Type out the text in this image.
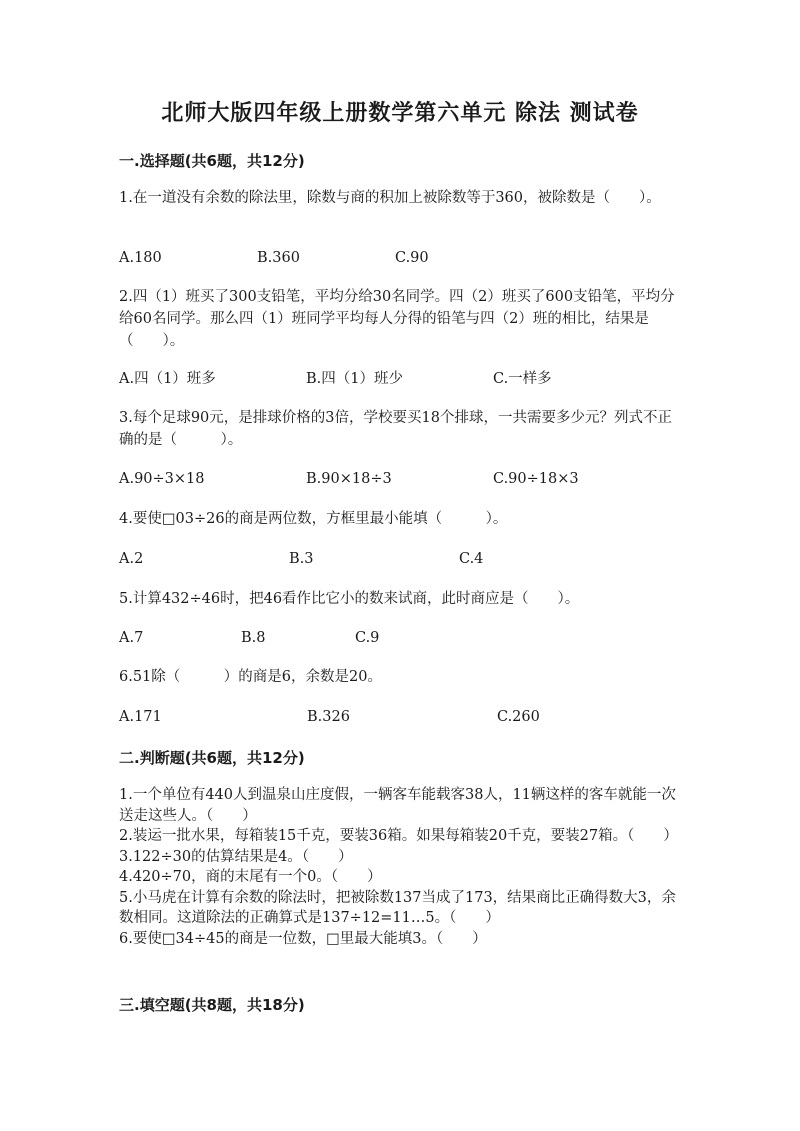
北师大版四年级上册数学第六单元 除法 测试卷
一.选择题(共6题，共12分)
1.在一道没有余数的除法里，除数与商的积加上被除数等于360，被除数是（　　）。
A.180	B.360	C.90
2.四（1）班买了300支铅笔，平均分给30名同学。四（2）班买了600支铅笔，平均分给60名同学。那么四（1）班同学平均每人分得的铅笔与四（2）班的相比，结果是（　　）。
A.四（1）班多	B.四（1）班少	C.一样多
3.每个足球90元，是排球价格的3倍，学校要买18个排球，一共需要多少元？列式不正确的是（　　　）。
A.90÷3×18	B.90×18÷3	C.90÷18×3
4.要使□03÷26的商是两位数，方框里最小能填（　　　）。
A.2	B.3	C.4
5.计算432÷46时，把46看作比它小的数来试商，此时商应是（　　）。
A.7	B.8	C.9
6.51除（　　　）的商是6，余数是20。
A.171	B.326	C.260
二.判断题(共6题，共12分)
1.一个单位有440人到温泉山庄度假，一辆客车能载客38人，11辆这样的客车就能一次送走这些人。（　　）
2.装运一批水果，每箱装15千克，要装36箱。如果每箱装20千克，要装27箱。（　　）
3.122÷30的估算结果是4。（　　）
4.420÷70，商的末尾有一个0。（　　）
5.小马虎在计算有余数的除法时，把被除数137当成了173，结果商比正确得数大3，余数相同。这道除法的正确算式是137÷12=11…5。（　　）
6.要使□34÷45的商是一位数，□里最大能填3。（　　）
三.填空题(共8题，共18分)
